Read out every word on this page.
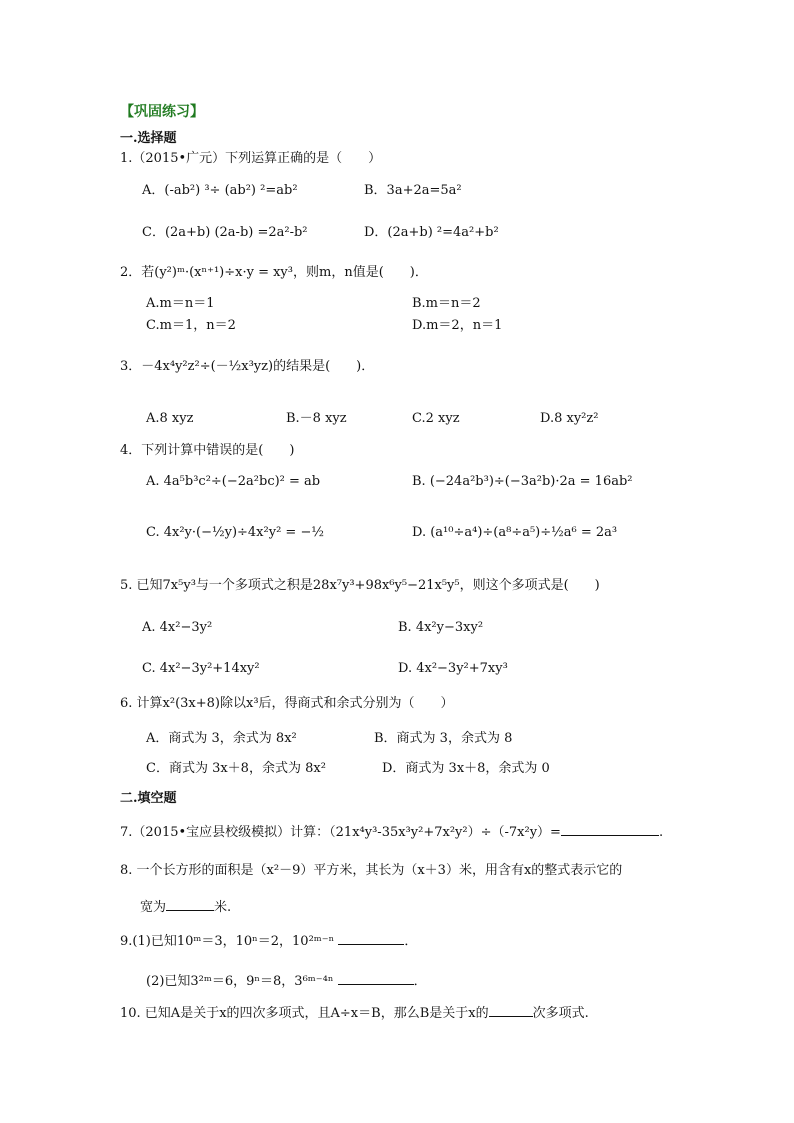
【巩固练习】
一.选择题
1.（2015•广元）下列运算正确的是（　　）
A．(-ab²) ³÷ (ab²) ²=ab²	B．3a+2a=5a²
C．(2a+b) (2a-b) =2a²-b²	D．(2a+b) ²=4a²+b²
2．若(y²)ᵐ·(xⁿ⁺¹)÷x·y = xy³，则m，n值是(　　)．
A.m＝n＝1	B.m＝n＝2
C.m＝1，n＝2	D.m＝2，n＝1
3．－4x⁴y²z²÷(－½x³yz)的结果是(　　)．
A.8 xyz	B.－8 xyz	C.2 xyz	D.8 xy²z²
4．下列计算中错误的是(　　)
A. 4a⁵b³c²÷(−2a²bc)² = ab	B. (−24a²b³)÷(−3a²b)·2a = 16ab²
C. 4x²y·(−½y)÷4x²y² = −½	D. (a¹⁰÷a⁴)÷(a⁸÷a⁵)÷½a⁶ = 2a³
5. 已知7x⁵y³与一个多项式之积是28x⁷y³+98x⁶y⁵−21x⁵y⁵，则这个多项式是(　　)
A. 4x²−3y²	B. 4x²y−3xy²
C. 4x²−3y²+14xy²	D. 4x²−3y²+7xy³
6. 计算x²(3x+8)除以x³后，得商式和余式分别为（　　）
A．商式为 3，余式为 8x²	B．商式为 3，余式为 8
C．商式为 3x＋8，余式为 8x²	D．商式为 3x＋8，余式为 0
二.填空题
7.（2015•宝应县校级模拟）计算：（21x⁴y³-35x³y²+7x²y²）÷（-7x²y）=	.
8. 一个长方形的面积是（x²－9）平方米，其长为（x＋3）米，用含有x的整式表示它的
宽为	米.
9.(1)已知10ᵐ＝3，10ⁿ＝2，10²ᵐ⁻ⁿ	．
(2)已知3²ᵐ＝6，9ⁿ＝8，3⁶ᵐ⁻⁴ⁿ	．
10. 已知A是关于x的四次多项式，且A÷x＝B，那么B是关于x的	次多项式.
